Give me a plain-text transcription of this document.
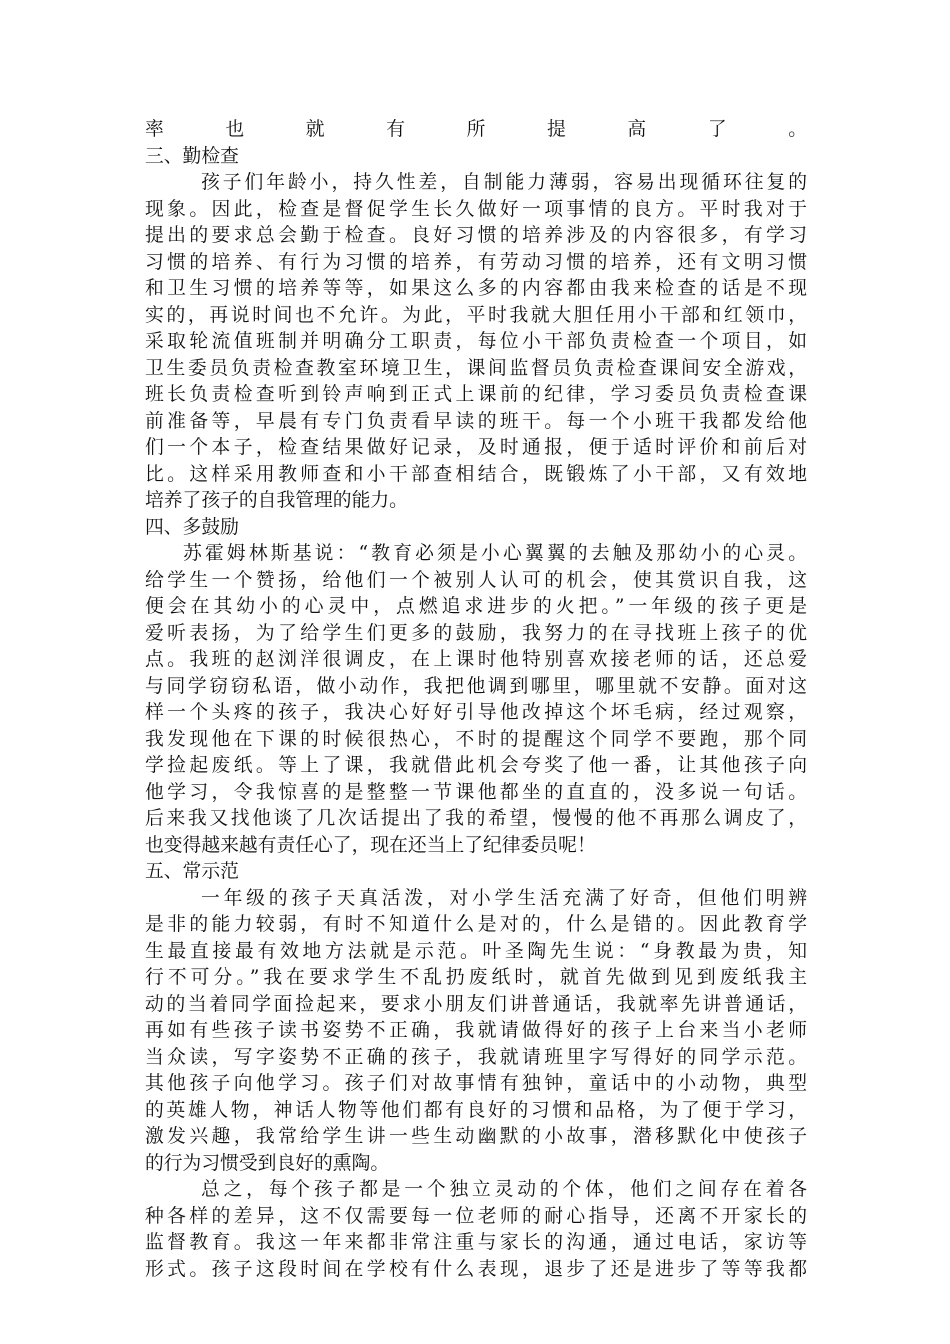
率也就有所提高了。
三、勤检查
孩子们年龄小，持久性差，自制能力薄弱，容易出现循环往复的
现象。因此，检查是督促学生长久做好一项事情的良方。平时我对于
提出的要求总会勤于检查。良好习惯的培养涉及的内容很多，有学习
习惯的培养、有行为习惯的培养，有劳动习惯的培养，还有文明习惯
和卫生习惯的培养等等，如果这么多的内容都由我来检查的话是不现
实的，再说时间也不允许。为此，平时我就大胆任用小干部和红领巾，
采取轮流值班制并明确分工职责，每位小干部负责检查一个项目，如
卫生委员负责检查教室环境卫生，课间监督员负责检查课间安全游戏，
班长负责检查听到铃声响到正式上课前的纪律，学习委员负责检查课
前准备等，早晨有专门负责看早读的班干。每一个小班干我都发给他
们一个本子，检查结果做好记录，及时通报，便于适时评价和前后对
比。这样采用教师查和小干部查相结合，既锻炼了小干部，又有效地
培养了孩子的自我管理的能力。
四、多鼓励
苏霍姆林斯基说：“教育必须是小心翼翼的去触及那幼小的心灵。
给学生一个赞扬，给他们一个被别人认可的机会，使其赏识自我，这
便会在其幼小的心灵中，点燃追求进步的火把。”一年级的孩子更是
爱听表扬，为了给学生们更多的鼓励，我努力的在寻找班上孩子的优
点。我班的赵浏洋很调皮，在上课时他特别喜欢接老师的话，还总爱
与同学窃窃私语，做小动作，我把他调到哪里，哪里就不安静。面对这
样一个头疼的孩子，我决心好好引导他改掉这个坏毛病，经过观察，
我发现他在下课的时候很热心，不时的提醒这个同学不要跑，那个同
学捡起废纸。等上了课，我就借此机会夸奖了他一番，让其他孩子向
他学习，令我惊喜的是整整一节课他都坐的直直的，没多说一句话。
后来我又找他谈了几次话提出了我的希望，慢慢的他不再那么调皮了，
也变得越来越有责任心了，现在还当上了纪律委员呢！
五、常示范
一年级的孩子天真活泼，对小学生活充满了好奇，但他们明辨
是非的能力较弱，有时不知道什么是对的，什么是错的。因此教育学
生最直接最有效地方法就是示范。叶圣陶先生说：“身教最为贵，知
行不可分。”我在要求学生不乱扔废纸时，就首先做到见到废纸我主
动的当着同学面捡起来，要求小朋友们讲普通话，我就率先讲普通话，
再如有些孩子读书姿势不正确，我就请做得好的孩子上台来当小老师
当众读，写字姿势不正确的孩子，我就请班里字写得好的同学示范。
其他孩子向他学习。孩子们对故事情有独钟，童话中的小动物，典型
的英雄人物，神话人物等他们都有良好的习惯和品格，为了便于学习，
激发兴趣，我常给学生讲一些生动幽默的小故事，潜移默化中使孩子
的行为习惯受到良好的熏陶。
总之，每个孩子都是一个独立灵动的个体，他们之间存在着各
种各样的差异，这不仅需要每一位老师的耐心指导，还离不开家长的
监督教育。我这一年来都非常注重与家长的沟通，通过电话，家访等
形式。孩子这段时间在学校有什么表现，退步了还是进步了等等我都
